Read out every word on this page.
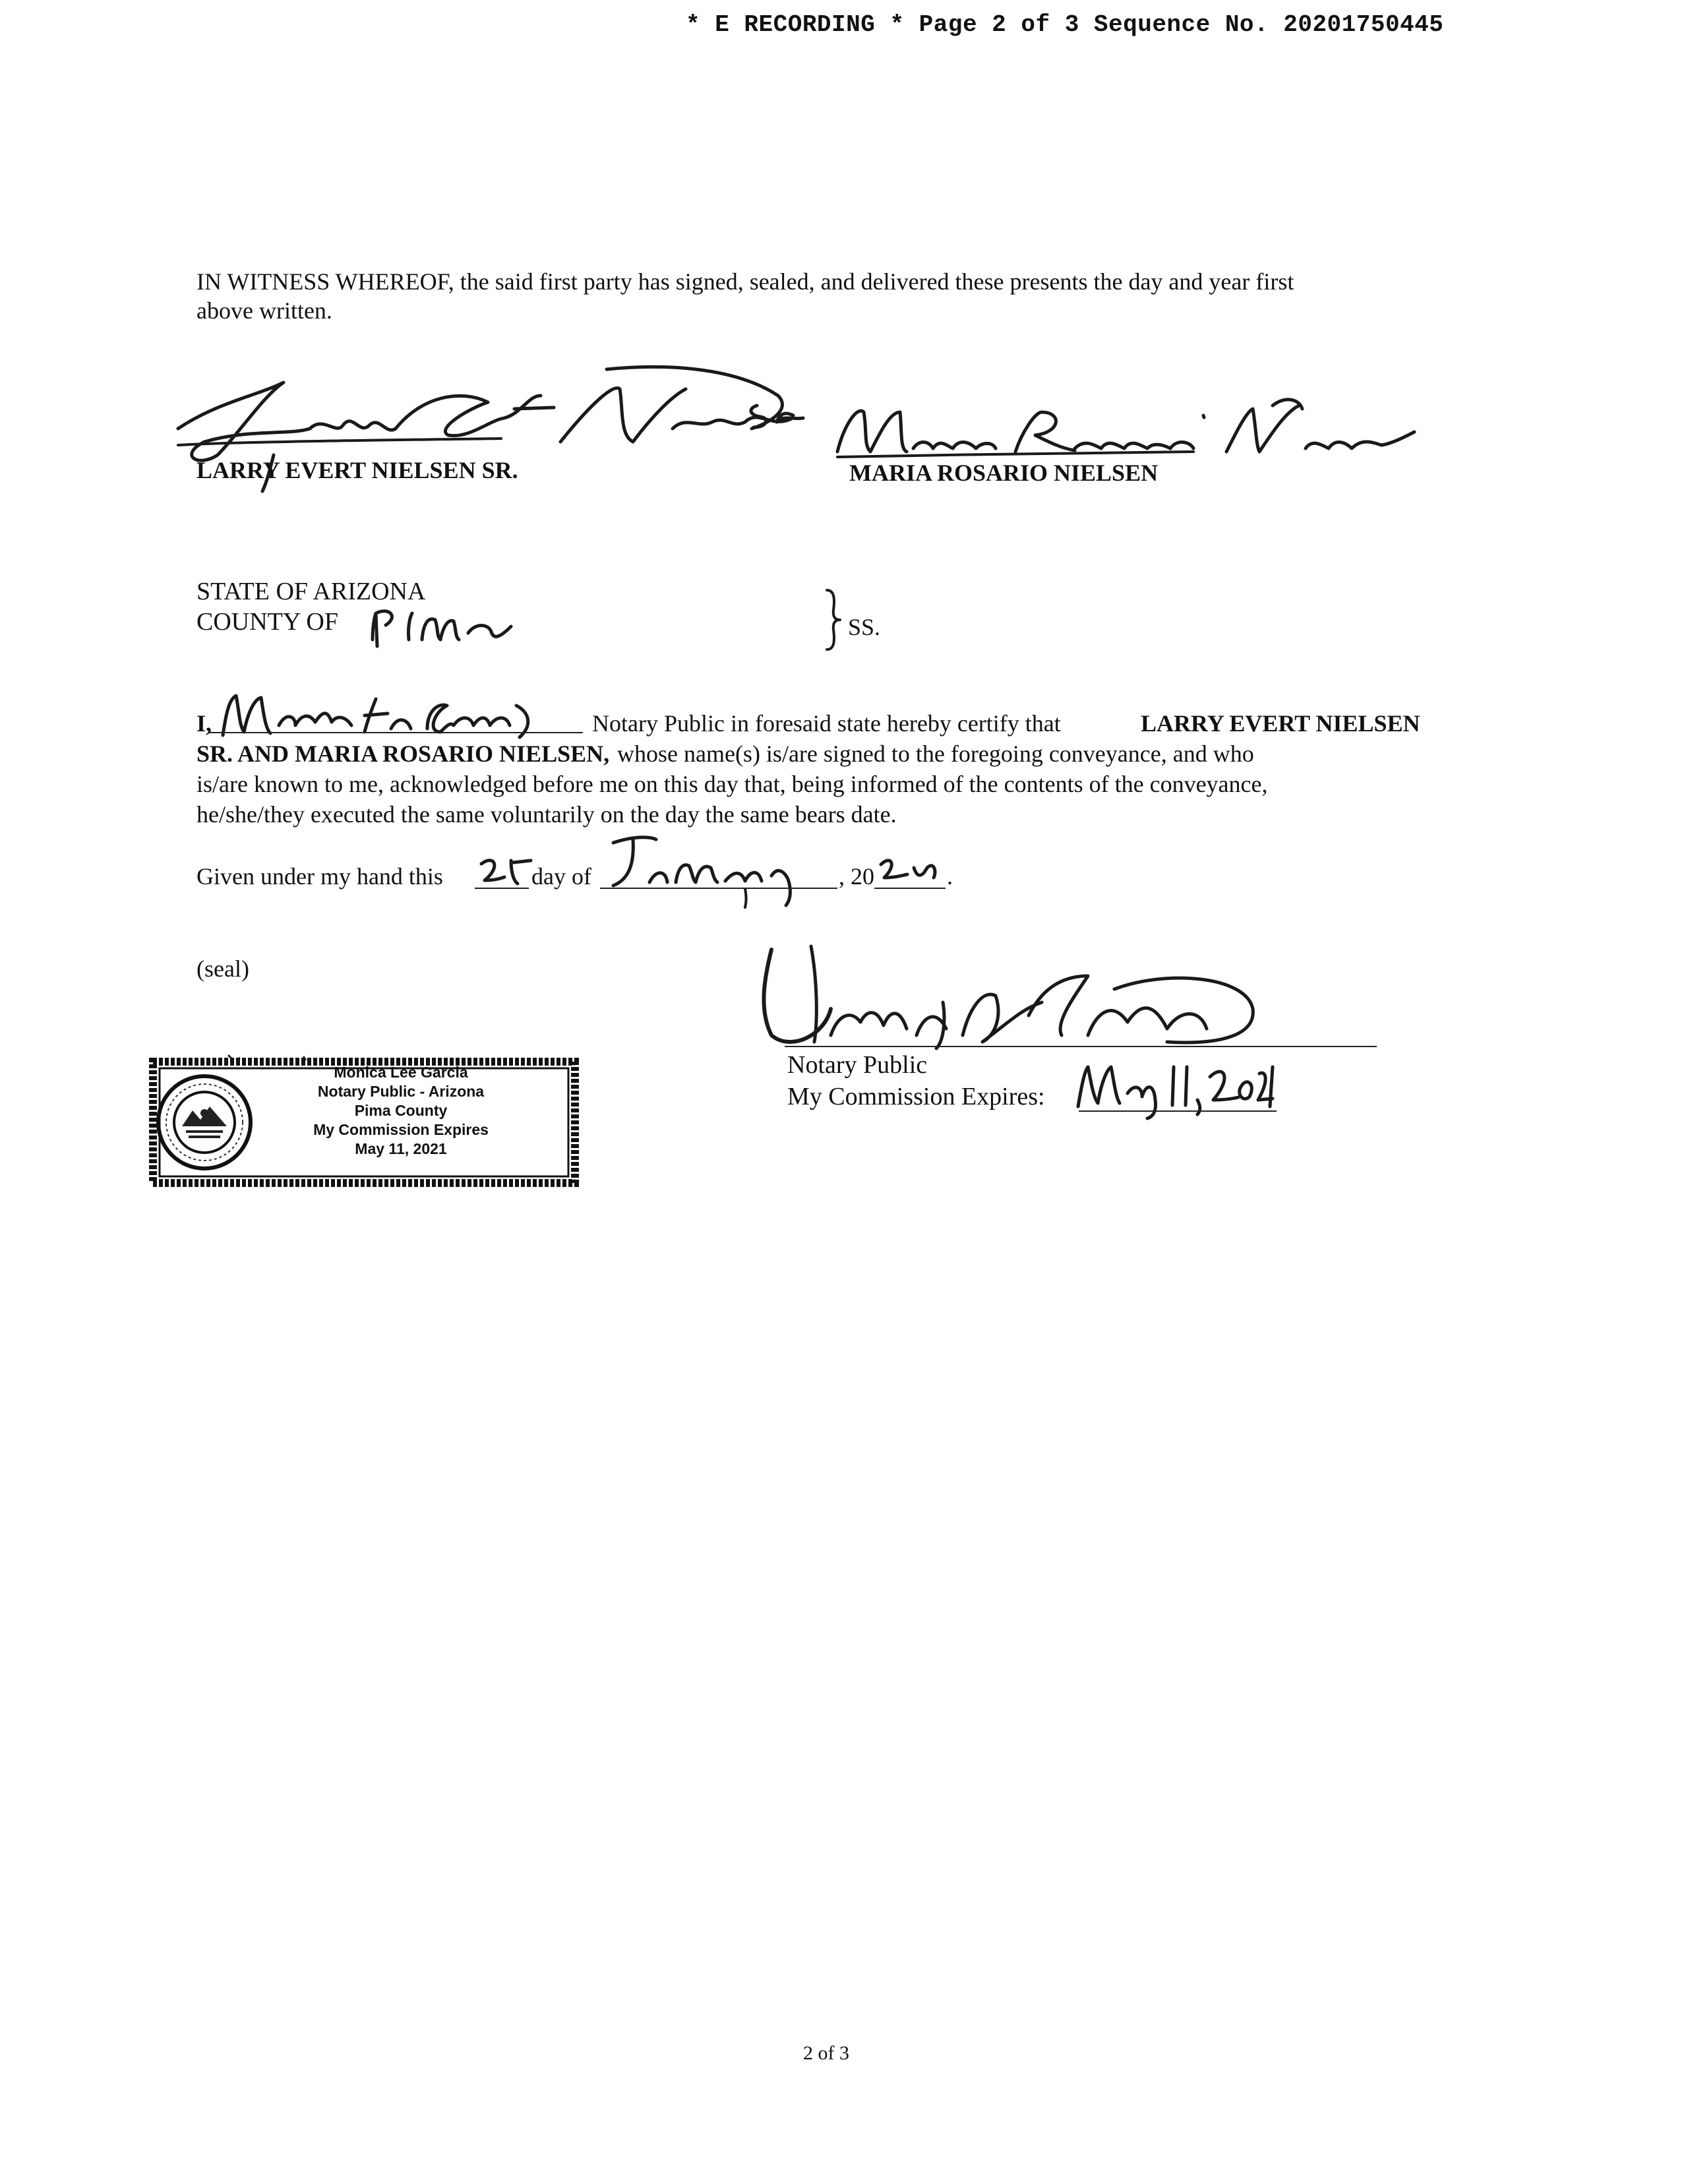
* E RECORDING * Page 2 of 3 Sequence No. 20201750445
IN WITNESS WHEREOF, the said first party has signed, sealed, and delivered these presents the day and year first
above written.
LARRY EVERT NIELSEN SR.	MARIA ROSARIO NIELSEN
STATE OF ARIZONA
COUNTY OF	SS.
I,	Notary Public in foresaid state hereby certify that	LARRY EVERT NIELSEN
SR. AND MARIA ROSARIO NIELSEN, whose name(s) is/are signed to the foregoing conveyance, and who
is/are known to me, acknowledged before me on this day that, being informed of the contents of the conveyance,
he/she/they executed the same voluntarily on the day the same bears date.
Given under my hand this	day of	, 20	.
(seal)
Monica Lee Garcia
Notary Public - Arizona
Pima County
My Commission Expires
May 11, 2021
Notary Public
My Commission Expires:
2 of 3
